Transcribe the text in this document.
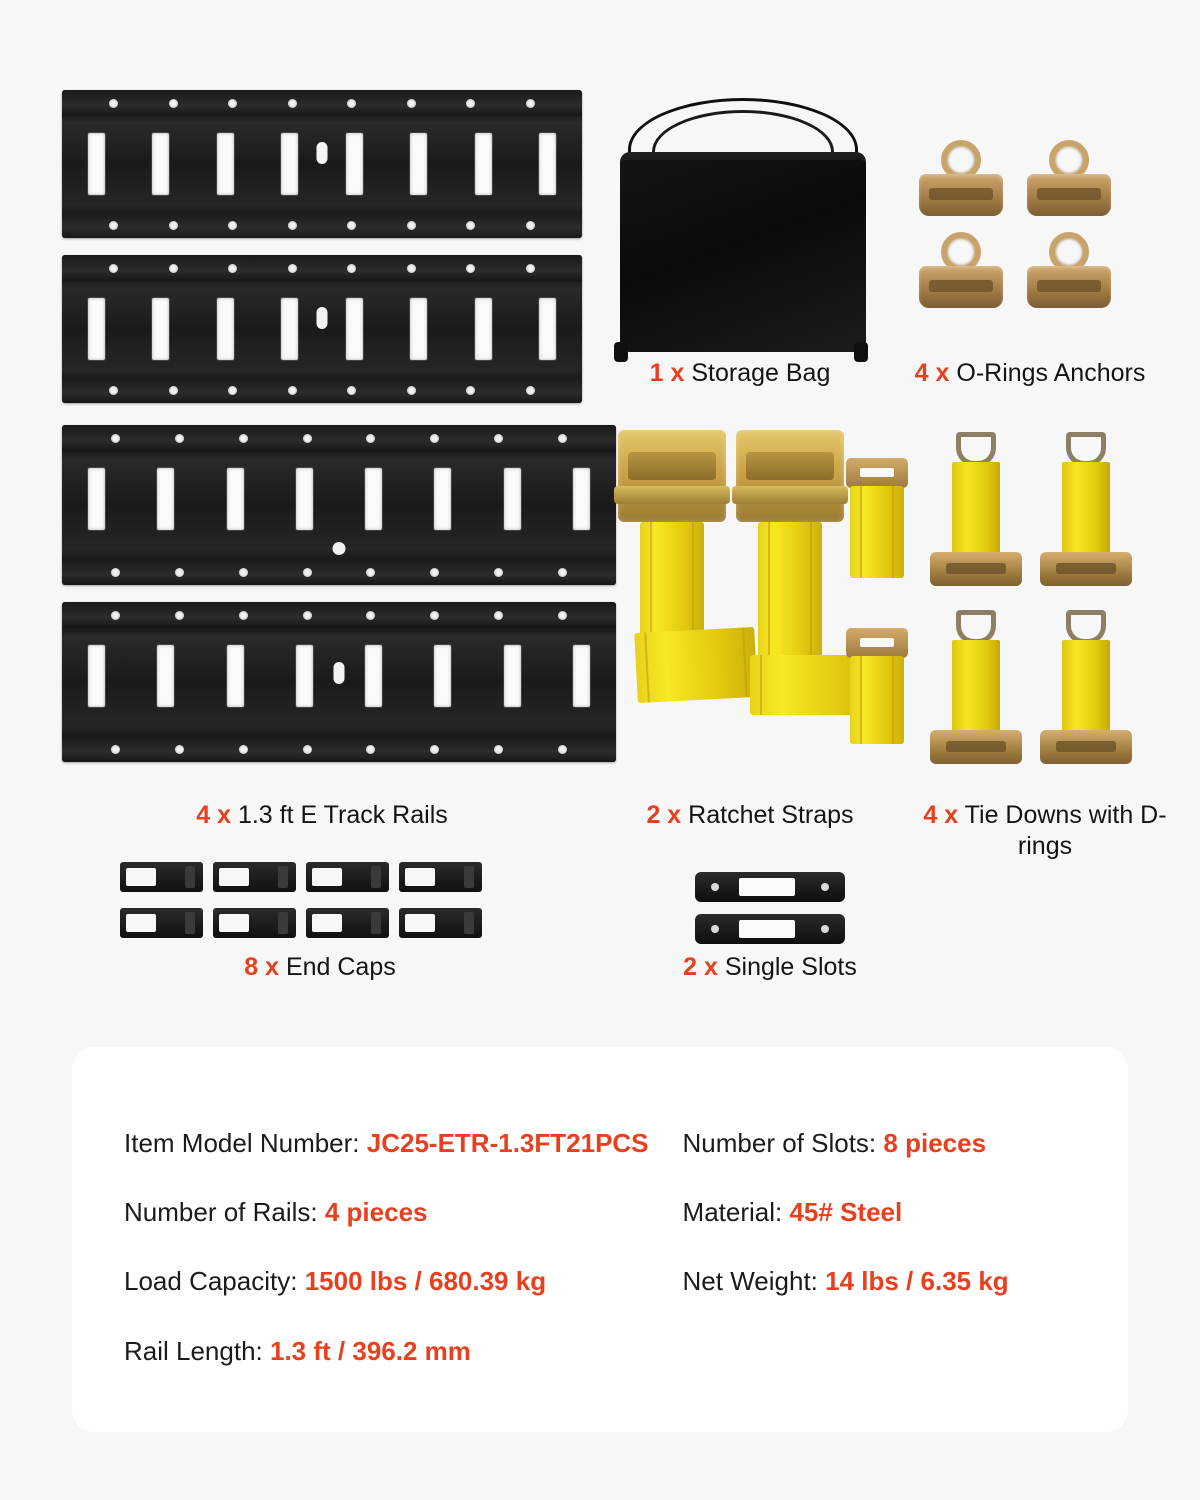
4 x 1.3 ft E Track Rails
1 x Storage Bag	4 x O-Rings Anchors
2 x Ratchet Straps	4 x Tie Downs with D-rings
8 x End Caps	2 x Single Slots
Item Model Number: JC25-ETR-1.3FT21PCS Number of Slots: 8 pieces
Number of Rails: 4 pieces	Material: 45# Steel
Load Capacity: 1500 lbs / 680.39 kg	Net Weight: 14 lbs / 6.35 kg
Rail Length: 1.3 ft / 396.2 mm
